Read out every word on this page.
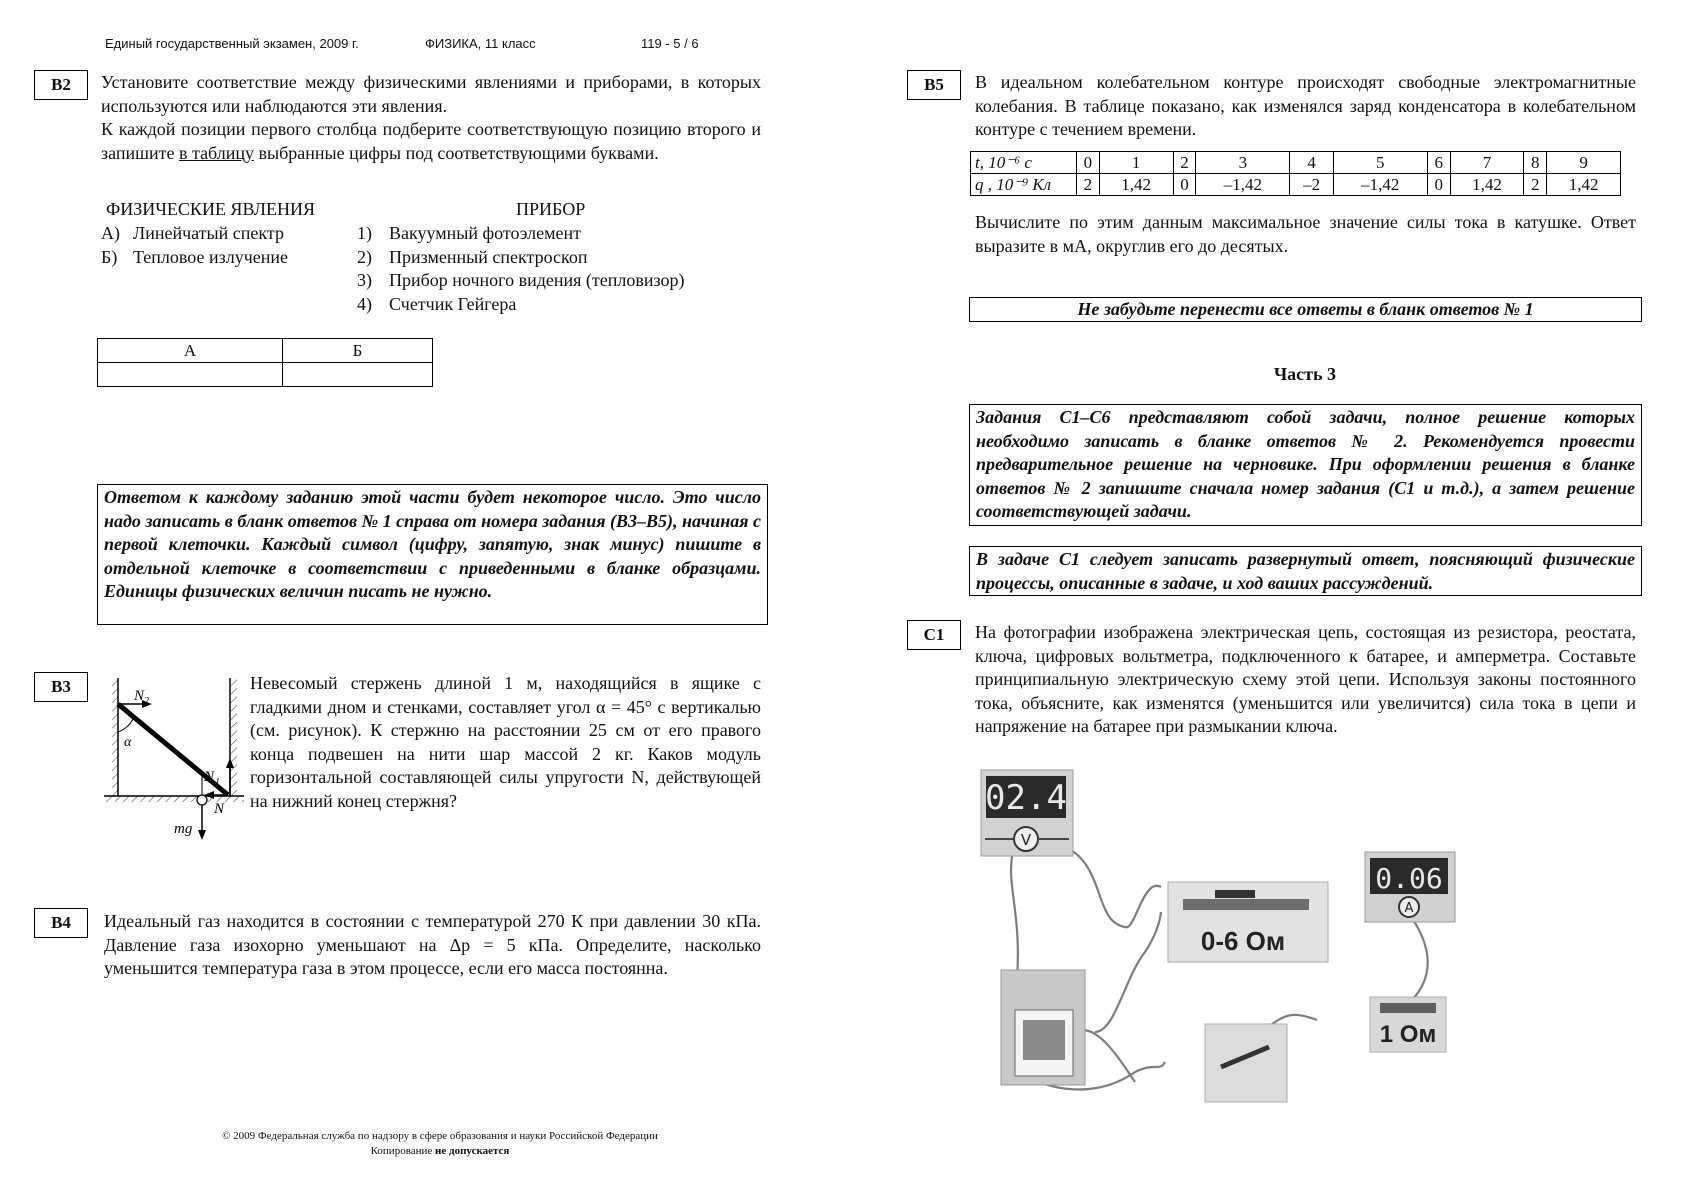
Единый государственный экзамен, 2009 г.	ФИЗИКА, 11 класс	119 - 5 / 6
B2	Установите соответствие между физическими явлениями и приборами, в которых используются или наблюдаются эти явления.

К каждой позиции первого столбца подберите соответствующую позицию второго и запишите в таблицу выбранные цифры под соответствующими буквами.

ФИЗИЧЕСКИЕ ЯВЛЕНИЯ	ПРИБОР
А) Линейчатый спектр
Б) Тепловое излучение
1) Вакуумный фотоэлемент
2) Призменный спектроскоп
3) Прибор ночного видения (тепловизор)
4) Счетчик Гейгера
А	Б

Ответом к каждому заданию этой части будет некоторое число. Это число надо записать в бланк ответов № 1 справа от номера задания (В3–В5), начиная с первой клеточки. Каждый символ (цифру, запятую, знак минус) пишите в отдельной клеточке в соответствии с приведенными в бланке образцами. Единицы физических величин писать не нужно.
B3	N 2
α
N 1
N
mg
Невесомый стержень длиной 1 м, находящийся в ящике с гладкими дном и стенками, составляет угол α = 45° с вертикалью (см. рисунок). К стержню на расстоянии 25 см от его правого конца подвешен на нити шар массой 2 кг. Каков модуль горизонтальной составляющей силы упругости N, действующей на нижний конец стержня?
B4	Идеальный газ находится в состоянии с температурой 270 К при давлении 30 кПа. Давление газа изохорно уменьшают на Δp = 5 кПа. Определите, насколько уменьшится температура газа в этом процессе, если его масса постоянна.
© 2009 Федеральная служба по надзору в сфере образования и науки Российской Федерации
Копирование не допускается
B5	В идеальном колебательном контуре происходят свободные электромагнитные колебания. В таблице показано, как изменялся заряд конденсатора в колебательном контуре с течением времени.
t, 10⁻⁶ с	0	1	2	3	4	5	6	7	8	9
q , 10⁻⁹ Кл	2	1,42	0	–1,42	–2	–1,42	0	1,42	2	1,42
Вычислите по этим данным максимальное значение силы тока в катушке. Ответ выразите в мА, округлив его до десятых.
Не забудьте перенести все ответы в бланк ответов № 1
Часть 3
Задания С1–С6 представляют собой задачи, полное решение которых необходимо записать в бланке ответов № 2. Рекомендуется провести предварительное решение на черновике. При оформлении решения в бланке ответов № 2 запишите сначала номер задания (С1 и т.д.), а затем решение соответствующей задачи.
В задаче С1 следует записать развернутый ответ, поясняющий физические процессы, описанные в задаче, и ход ваших рассуждений.
C1	На фотографии изображена электрическая цепь, состоящая из резистора, реостата, ключа, цифровых вольтметра, подключенного к батарее, и амперметра. Составьте принципиальную электрическую схему этой цепи. Используя законы постоянного тока, объясните, как изменятся (уменьшится или увеличится) сила тока в цепи и напряжение на батарее при размыкании ключа.
02.4
V
0-6 Ом
0.06
A
1 Ом
